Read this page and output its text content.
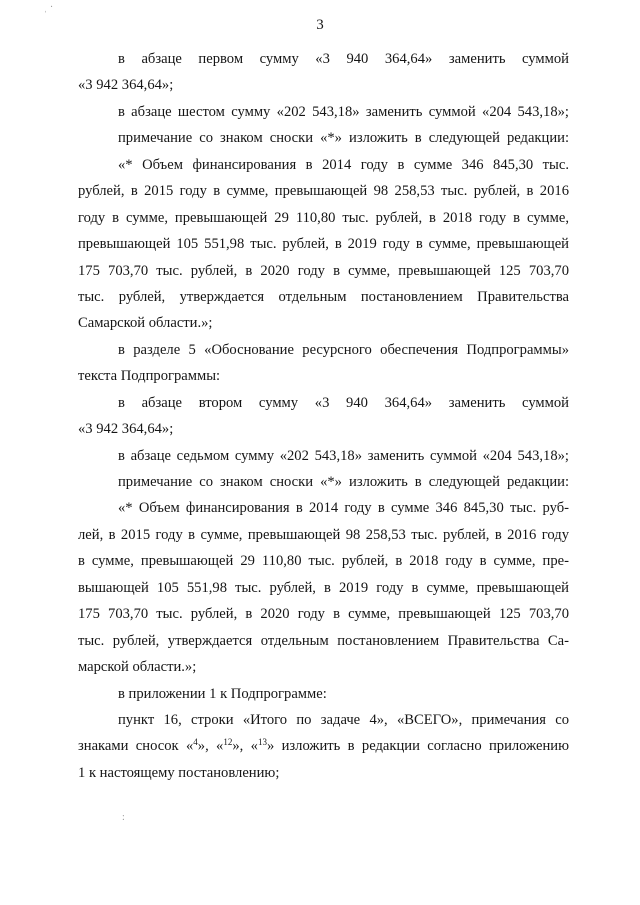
3
в абзаце первом сумму «3 940 364,64» заменить суммой
«3 942 364,64»;
в абзаце шестом сумму «202 543,18» заменить суммой «204 543,18»;
примечание со знаком сноски «*» изложить в следующей редакции:
«* Объем финансирования в 2014 году в сумме 346 845,30 тыс.
рублей, в 2015 году в сумме, превышающей 98 258,53 тыс. рублей, в 2016
году в сумме, превышающей 29 110,80 тыс. рублей, в 2018 году в сумме,
превышающей 105 551,98 тыс. рублей, в 2019 году в сумме, превышающей
175 703,70 тыс. рублей, в 2020 году в сумме, превышающей 125 703,70
тыс. рублей, утверждается отдельным постановлением Правительства
Самарской области.»;
в разделе 5 «Обоснование ресурсного обеспечения Подпрограммы»
текста Подпрограммы:
в абзаце втором сумму «3 940 364,64» заменить суммой
«3 942 364,64»;
в абзаце седьмом сумму «202 543,18» заменить суммой «204 543,18»;
примечание со знаком сноски «*» изложить в следующей редакции:
«* Объем финансирования в 2014 году в сумме 346 845,30 тыс. руб-
лей, в 2015 году в сумме, превышающей 98 258,53 тыс. рублей, в 2016 году
в сумме, превышающей 29 110,80 тыс. рублей, в 2018 году в сумме, пре-
вышающей 105 551,98 тыс. рублей, в 2019 году в сумме, превышающей
175 703,70 тыс. рублей, в 2020 году в сумме, превышающей 125 703,70
тыс. рублей, утверждается отдельным постановлением Правительства Са-
марской области.»;
в приложении 1 к Подпрограмме:
пункт 16, строки «Итого по задаче 4», «ВСЕГО», примечания со
знаками сносок «$^4$», «$^{12}$», «$^{13}$» изложить в редакции согласно приложению
1 к настоящему постановлению;
ˌ ·
:
